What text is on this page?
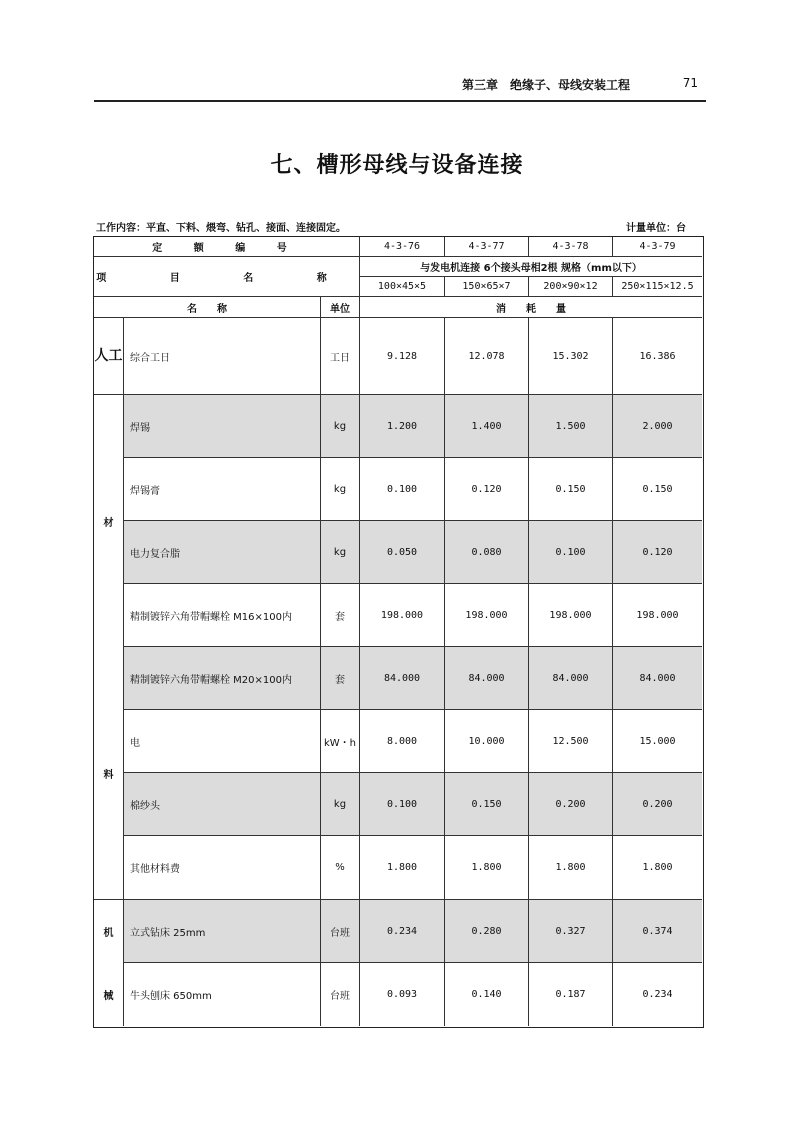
第三章　绝缘子、母线安装工程	71
七、槽形母线与设备连接
工作内容：平直、下料、煨弯、钻孔、接面、连接固定。	计量单位：台
定 额 编 号	4-3-76	4-3-77	4-3-78	4-3-79
项 目 名 称
与发电机连接 6个接头母相2根 规格（mm以下）
100×45×5	150×65×7	200×90×12	250×115×12.5
名　　称	单位	消　　耗　　量
人工
材
料
机
械
综合工日	工日	9.128	12.078	15.302	16.386
焊锡	kg	1.200	1.400	1.500	2.000
焊锡膏	kg	0.100	0.120	0.150	0.150
电力复合脂	kg	0.050	0.080	0.100	0.120
精制镀锌六角带帽螺栓 M16×100内	套	198.000	198.000	198.000	198.000
精制镀锌六角带帽螺栓 M20×100内	套	84.000	84.000	84.000	84.000
电	kW・h	8.000	10.000	12.500	15.000
棉纱头	kg	0.100	0.150	0.200	0.200
其他材料费	%	1.800	1.800	1.800	1.800
立式钻床 25mm	台班	0.234	0.280	0.327	0.374
牛头刨床 650mm	台班	0.093	0.140	0.187	0.234
